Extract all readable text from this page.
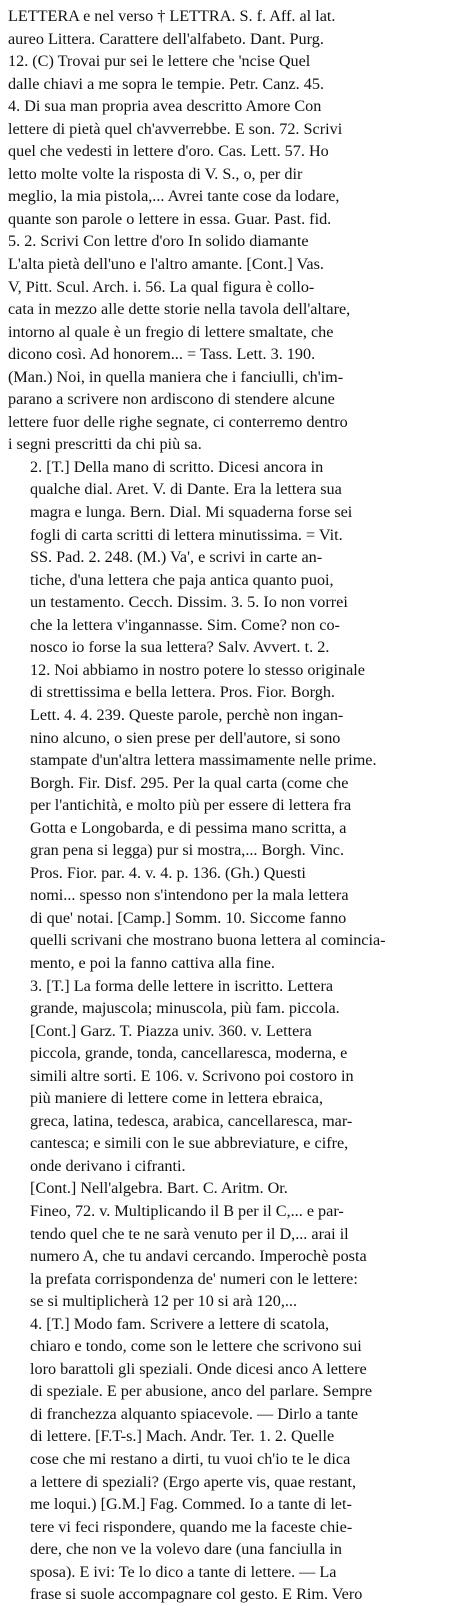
LETTERA e nel verso † LETTRA. S. f. Aff. al lat.
aureo Littera. Carattere dell'alfabeto. Dant. Purg.
12. (C) Trovai pur sei le lettere che 'ncise Quel
dalle chiavi a me sopra le tempie. Petr. Canz. 45.
4. Di sua man propria avea descritto Amore Con
lettere di pietà quel ch'avverrebbe. E son. 72. Scrivi
quel che vedesti in lettere d'oro. Cas. Lett. 57. Ho
letto molte volte la risposta di V. S., o, per dir
meglio, la mia pistola,... Avrei tante cose da lodare,
quante son parole o lettere in essa. Guar. Past. fid.
5. 2. Scrivi Con lettre d'oro In solido diamante
L'alta pietà dell'uno e l'altro amante. [Cont.] Vas.
V, Pitt. Scul. Arch. i. 56. La qual figura è collo-
cata in mezzo alle dette storie nella tavola dell'altare,
intorno al quale è un fregio di lettere smaltate, che
dicono così. Ad honorem... = Tass. Lett. 3. 190.
(Man.) Noi, in quella maniera che i fanciulli, ch'im-
parano a scrivere non ardiscono di stendere alcune
lettere fuor delle righe segnate, ci conterremo dentro
i segni prescritti da chi più sa.
2. [T.] Della mano di scritto. Dicesi ancora in
qualche dial. Aret. V. di Dante. Era la lettera sua
magra e lunga. Bern. Dial. Mi squaderna forse sei
fogli di carta scritti di lettera minutissima. = Vit.
SS. Pad. 2. 248. (M.) Va', e scrivi in carte an-
tiche, d'una lettera che paja antica quanto puoi,
un testamento. Cecch. Dissim. 3. 5. Io non vorrei
che la lettera v'ingannasse. Sim. Come? non co-
nosco io forse la sua lettera? Salv. Avvert. t. 2.
12. Noi abbiamo in nostro potere lo stesso originale
di strettissima e bella lettera. Pros. Fior. Borgh.
Lett. 4. 4. 239. Queste parole, perchè non ingan-
nino alcuno, o sien prese per dell'autore, si sono
stampate d'un'altra lettera massimamente nelle prime.
Borgh. Fir. Disf. 295. Per la qual carta (come che
per l'antichità, e molto più per essere di lettera fra
Gotta e Longobarda, e di pessima mano scritta, a
gran pena si legga) pur si mostra,... Borgh. Vinc.
Pros. Fior. par. 4. v. 4. p. 136. (Gh.) Questi
nomi... spesso non s'intendono per la mala lettera
di que' notai. [Camp.] Somm. 10. Siccome fanno
quelli scrivani che mostrano buona lettera al comincia-
mento, e poi la fanno cattiva alla fine.
3. [T.] La forma delle lettere in iscritto. Lettera
grande, majuscola; minuscola, più fam. piccola.
[Cont.] Garz. T. Piazza univ. 360. v. Lettera
piccola, grande, tonda, cancellaresca, moderna, e
simili altre sorti. E 106. v. Scrivono poi costoro in
più maniere di lettere come in lettera ebraica,
greca, latina, tedesca, arabica, cancellaresca, mar-
cantesca; e simili con le sue abbreviature, e cifre,
onde derivano i cifranti.
[Cont.] Nell'algebra. Bart. C. Aritm. Or.
Fineo, 72. v. Multiplicando il B per il C,... e par-
tendo quel che te ne sarà venuto per il D,... arai il
numero A, che tu andavi cercando. Imperochè posta
la prefata corrispondenza de' numeri con le lettere:
se si multiplicherà 12 per 10 si arà 120,...
4. [T.] Modo fam. Scrivere a lettere di scatola,
chiaro e tondo, come son le lettere che scrivono sui
loro barattoli gli speziali. Onde dicesi anco A lettere
di speziale. E per abusione, anco del parlare. Sempre
di franchezza alquanto spiacevole. — Dirlo a tante
di lettere. [F.T-s.] Mach. Andr. Ter. 1. 2. Quelle
cose che mi restano a dirti, tu vuoi ch'io te le dica
a lettere di speziali? (Ergo aperte vis, quae restant,
me loqui.) [G.M.] Fag. Commed. Io a tante di let-
tere vi feci rispondere, quando me la faceste chie-
dere, che non ve la volevo dare (una fanciulla in
sposa). E ivi: Te lo dico a tante di lettere. — La
frase si suole accompagnare col gesto. E Rim. Vero
